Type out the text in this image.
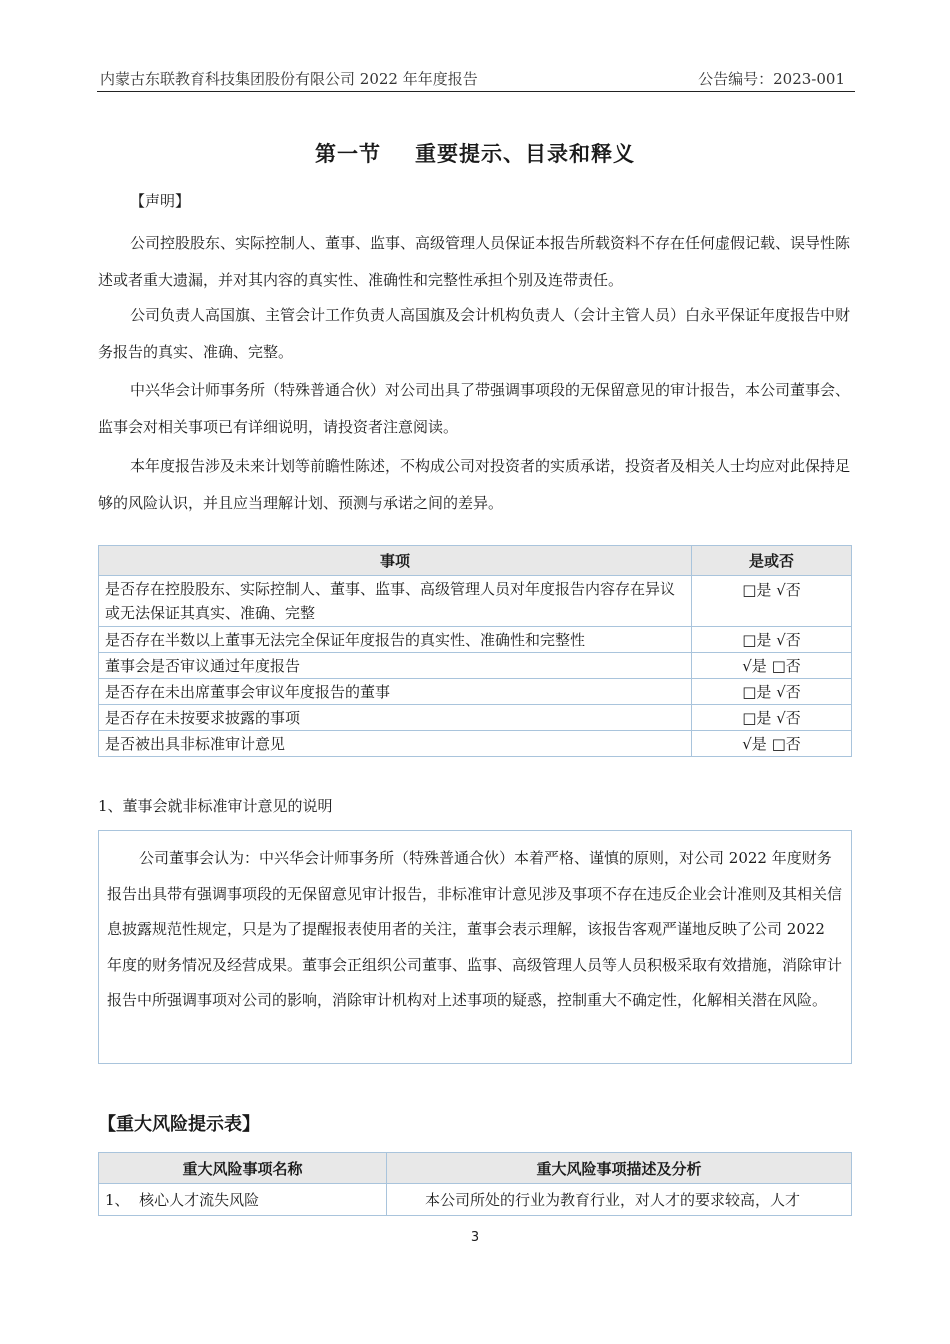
内蒙古东联教育科技集团股份有限公司 2022 年年度报告	公告编号：2023-001
第一节 重要提示、目录和释义
【声明】
公司控股股东、实际控制人、董事、监事、高级管理人员保证本报告所载资料不存在任何虚假记载、误导性陈述或者重大遗漏，并对其内容的真实性、准确性和完整性承担个别及连带责任。
公司负责人高国旗、主管会计工作负责人高国旗及会计机构负责人（会计主管人员）白永平保证年度报告中财务报告的真实、准确、完整。
中兴华会计师事务所（特殊普通合伙）对公司出具了带强调事项段的无保留意见的审计报告，本公司董事会、监事会对相关事项已有详细说明，请投资者注意阅读。
本年度报告涉及未来计划等前瞻性陈述，不构成公司对投资者的实质承诺，投资者及相关人士均应对此保持足够的风险认识，并且应当理解计划、预测与承诺之间的差异。
事项	是或否
是否存在控股股东、实际控制人、董事、监事、高级管理人员对年度报告内容存在异议或无法保证其真实、准确、完整	□是 √否
是否存在半数以上董事无法完全保证年度报告的真实性、准确性和完整性	□是 √否
董事会是否审议通过年度报告	√是 □否
是否存在未出席董事会审议年度报告的董事	□是 √否
是否存在未按要求披露的事项	□是 √否
是否被出具非标准审计意见	√是 □否
1、董事会就非标准审计意见的说明

公司董事会认为：中兴华会计师事务所（特殊普通合伙）本着严格、谨慎的原则，对公司 2022 年度财务报告出具带有强调事项段的无保留意见审计报告，非标准审计意见涉及事项不存在违反企业会计准则及其相关信息披露规范性规定，只是为了提醒报表使用者的关注，董事会表示理解，该报告客观严谨地反映了公司 2022 年度的财务情况及经营成果。董事会正组织公司董事、监事、高级管理人员等人员积极采取有效措施，消除审计报告中所强调事项对公司的影响，消除审计机构对上述事项的疑惑，控制重大不确定性，化解相关潜在风险。

【重大风险提示表】
重大风险事项名称	重大风险事项描述及分析
1、  核心人才流失风险	本公司所处的行业为教育行业，对人才的要求较高，人才
3
